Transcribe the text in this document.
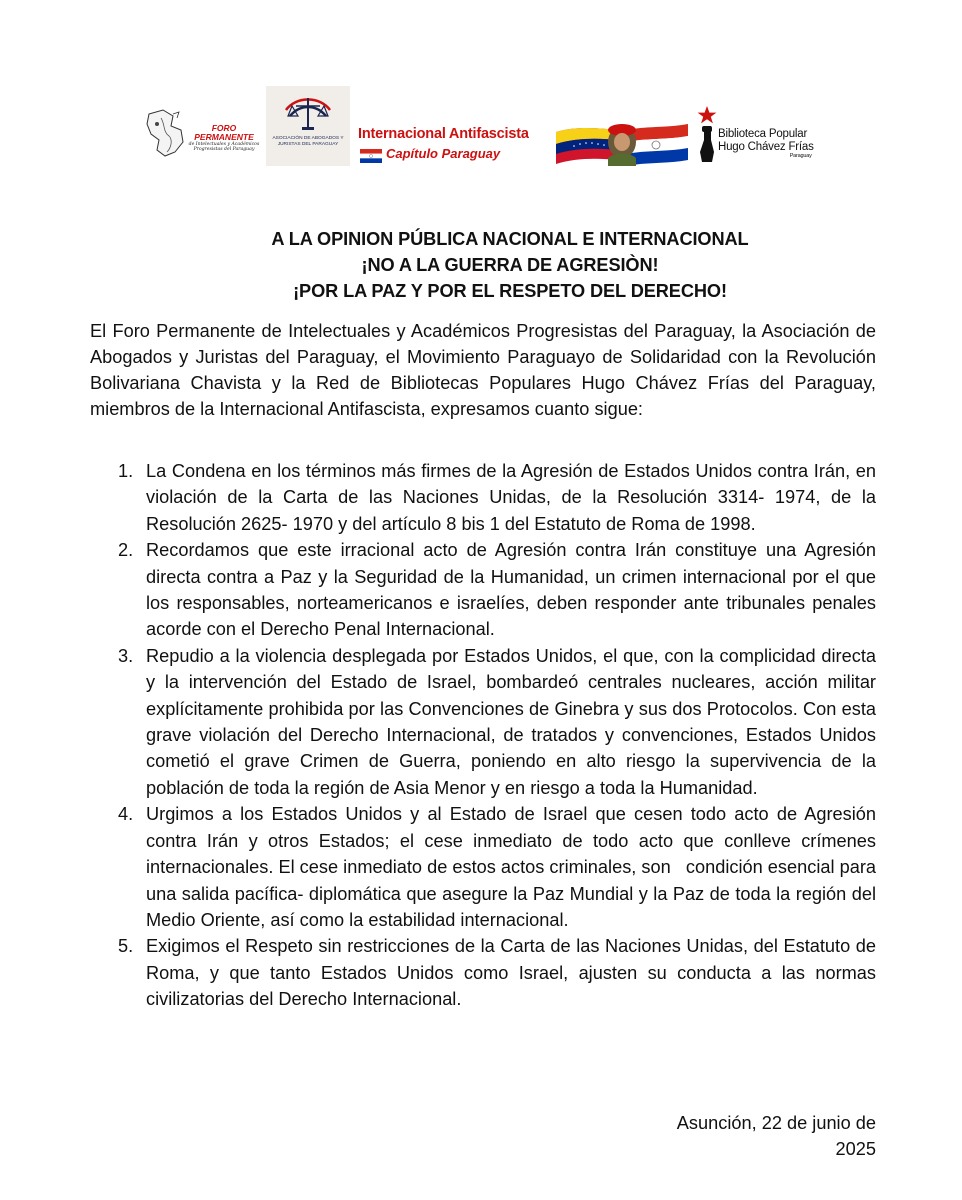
FORO PERMANENTE
de Intelectuales y Académicos Progresistas del Paraguay
ASOCIACIÓN DE ABOGADOS Y JURISTAS DEL PARAGUAY
Internacional Antifascista
Capítulo Paraguay
Biblioteca Popular
Hugo Chávez Frías
Paraguay
A LA OPINION PÚBLICA NACIONAL E INTERNACIONAL
¡NO A LA GUERRA DE AGRESIÒN!
¡POR LA PAZ Y POR EL RESPETO DEL DERECHO!

El Foro Permanente de Intelectuales y Académicos Progresistas del Paraguay, la Asociación de Abogados y Juristas del Paraguay, el Movimiento Paraguayo de Solidaridad con la Revolución Bolivariana Chavista y la Red de Bibliotecas Populares Hugo Chávez Frías del Paraguay, miembros de la Internacional Antifascista, expresamos cuanto sigue:

1. La Condena en los términos más firmes de la Agresión de Estados Unidos contra Irán, en violación de la Carta de las Naciones Unidas, de la Resolución 3314- 1974, de la Resolución 2625- 1970 y del artículo 8 bis 1 del Estatuto de Roma de 1998.
2. Recordamos que este irracional acto de Agresión contra Irán constituye una Agresión directa contra a Paz y la Seguridad de la Humanidad, un crimen internacional por el que los responsables, norteamericanos e israelíes, deben responder ante tribunales penales acorde con el Derecho Penal Internacional.
3. Repudio a la violencia desplegada por Estados Unidos, el que, con la complicidad directa y la intervención del Estado de Israel, bombardeó centrales nucleares, acción militar explícitamente prohibida por las Convenciones de Ginebra y sus dos Protocolos. Con esta grave violación del Derecho Internacional, de tratados y convenciones, Estados Unidos cometió el grave Crimen de Guerra, poniendo en alto riesgo la supervivencia de la población de toda la región de Asia Menor y en riesgo a toda la Humanidad.
4. Urgimos a los Estados Unidos y al Estado de Israel que cesen todo acto de Agresión contra Irán y otros Estados; el cese inmediato de todo acto que conlleve crímenes internacionales. El cese inmediato de estos actos criminales, son   condición esencial para una salida pacífica- diplomática que asegure la Paz Mundial y la Paz de toda la región del Medio Oriente, así como la estabilidad internacional.
5. Exigimos el Respeto sin restricciones de la Carta de las Naciones Unidas, del Estatuto de Roma, y que tanto Estados Unidos como Israel, ajusten su conducta a las normas civilizatorias del Derecho Internacional.
Asunción, 22 de junio de
2025
